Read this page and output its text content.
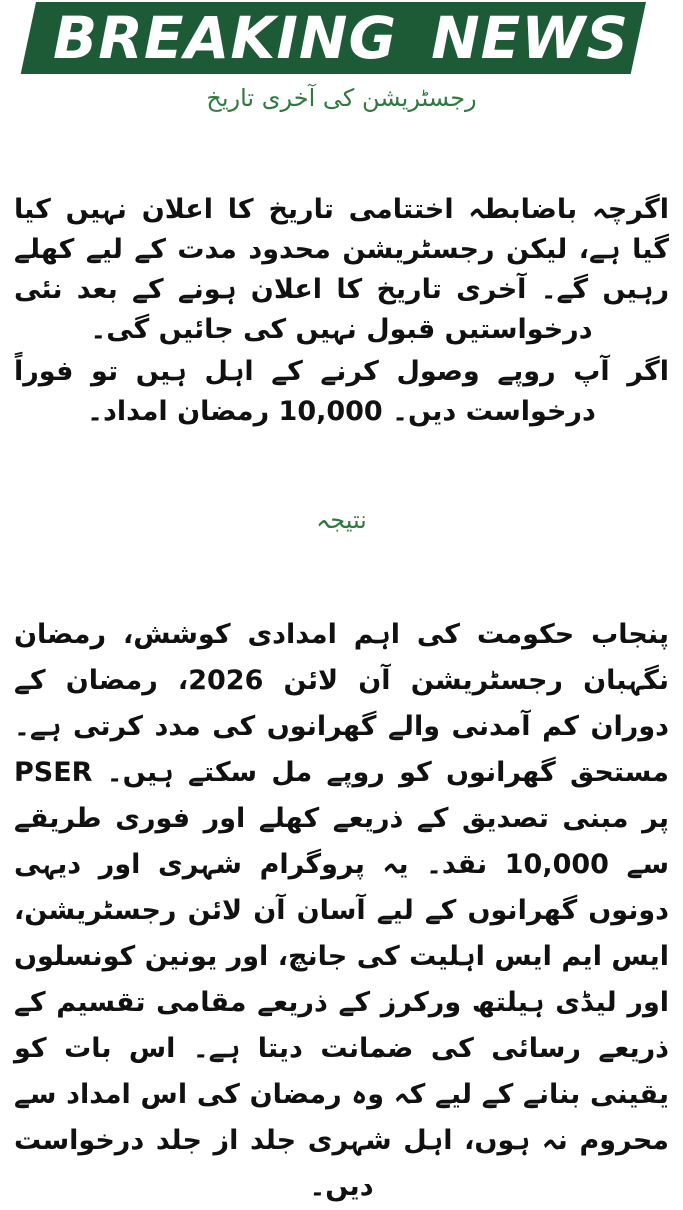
BREAKING NEWS
رجسٹریشن کی آخری تاریخ
اگرچہ باضابطہ اختتامی تاریخ کا اعلان نہیں کیا گیا ہے، لیکن رجسٹریشن محدود مدت کے لیے کھلے رہیں گے۔ آخری تاریخ کا اعلان ہونے کے بعد نئی درخواستیں قبول نہیں کی جائیں گی۔
اگر آپ روپے وصول کرنے کے اہل ہیں تو فوراً درخواست دیں۔ 10,000 رمضان امداد۔
نتیجہ
پنجاب حکومت کی اہم امدادی کوشش، رمضان نگہبان رجسٹریشن آن لائن 2026، رمضان کے دوران کم آمدنی والے گھرانوں کی مدد کرتی ہے۔ مستحق گھرانوں کو روپے مل سکتے ہیں۔ PSER پر مبنی تصدیق کے ذریعے کھلے اور فوری طریقے سے 10,000 نقد۔ یہ پروگرام شہری اور دیہی دونوں گھرانوں کے لیے آسان آن لائن رجسٹریشن، ایس ایم ایس اہلیت کی جانچ، اور یونین کونسلوں اور لیڈی ہیلتھ ورکرز کے ذریعے مقامی تقسیم کے ذریعے رسائی کی ضمانت دیتا ہے۔ اس بات کو یقینی بنانے کے لیے کہ وہ رمضان کی اس امداد سے محروم نہ ہوں، اہل شہری جلد از جلد درخواست دیں۔
